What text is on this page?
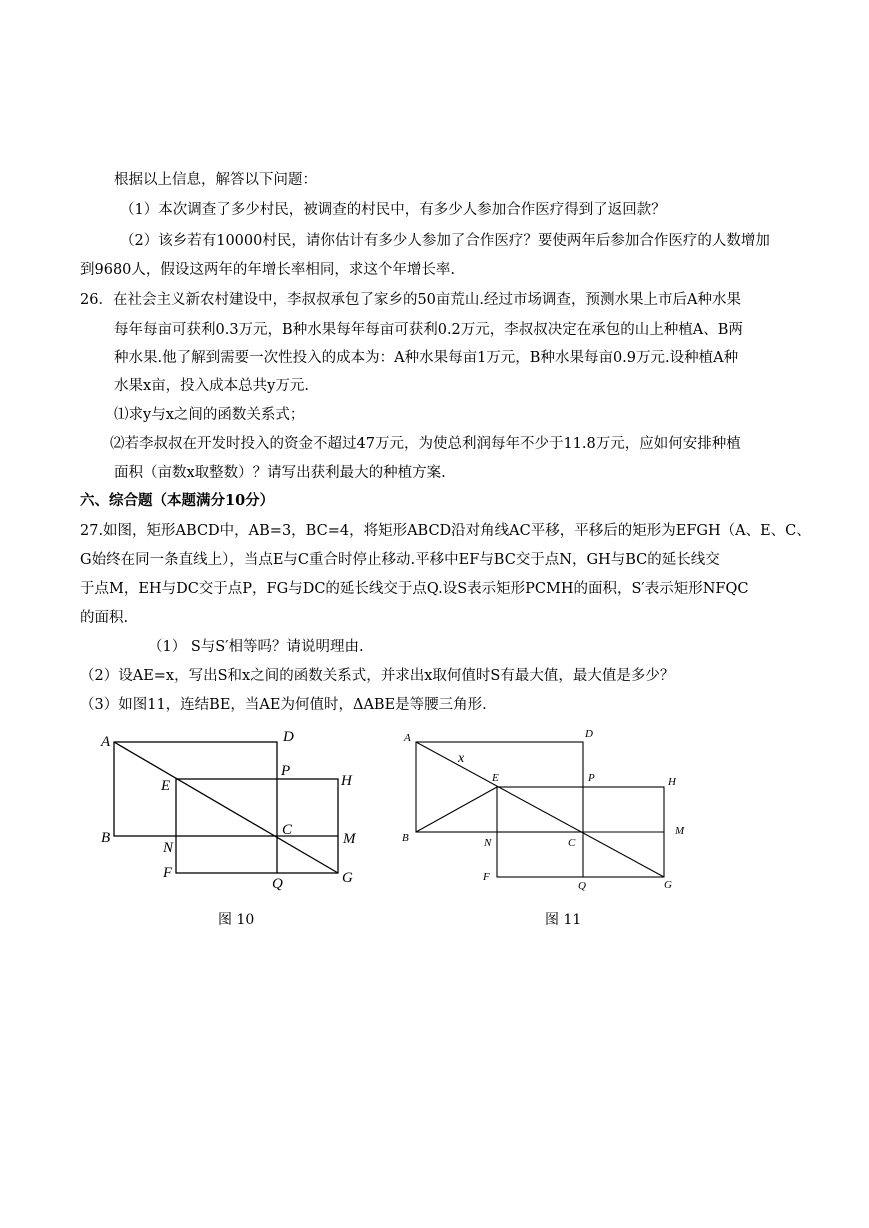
根据以上信息，解答以下问题：
（1）本次调查了多少村民，被调查的村民中，有多少人参加合作医疗得到了返回款？
（2）该乡若有10000村民，请你估计有多少人参加了合作医疗？要使两年后参加合作医疗的人数增加
到9680人，假设这两年的年增长率相同，求这个年增长率.
26．在社会主义新农村建设中，李叔叔承包了家乡的50亩荒山.经过市场调查，预测水果上市后A种水果
每年每亩可获利0.3万元，B种水果每年每亩可获利0.2万元，李叔叔决定在承包的山上种植A、B两
种水果.他了解到需要一次性投入的成本为：A种水果每亩1万元，B种水果每亩0.9万元.设种植A种
水果x亩，投入成本总共y万元.
⑴求y与x之间的函数关系式；
⑵若李叔叔在开发时投入的资金不超过47万元，为使总利润每年不少于11.8万元，应如何安排种植
面积（亩数x取整数）？请写出获利最大的种植方案.
六、综合题（本题满分10分）
27.如图，矩形ABCD中，AB=3，BC=4，将矩形ABCD沿对角线AC平移，平移后的矩形为EFGH（A、E、C、
G始终在同一条直线上），当点E与C重合时停止移动.平移中EF与BC交于点N，GH与BC的延长线交
于点M，EH与DC交于点P，FG与DC的延长线交于点Q.设S表示矩形PCMH的面积，S′表示矩形NFQC
的面积.
（1） S与S′相等吗？请说明理由.
（2）设AE=x，写出S和x之间的函数关系式，并求出x取何值时S有最大值，最大值是多少？
（3）如图11，连结BE，当AE为何值时，ΔABE是等腰三角形.
A	D
P
H
E
C
B	M
N
F
Q	G
A	D
x
E	P	H
M
B	N	C
F
Q	G
图 10	图 11
